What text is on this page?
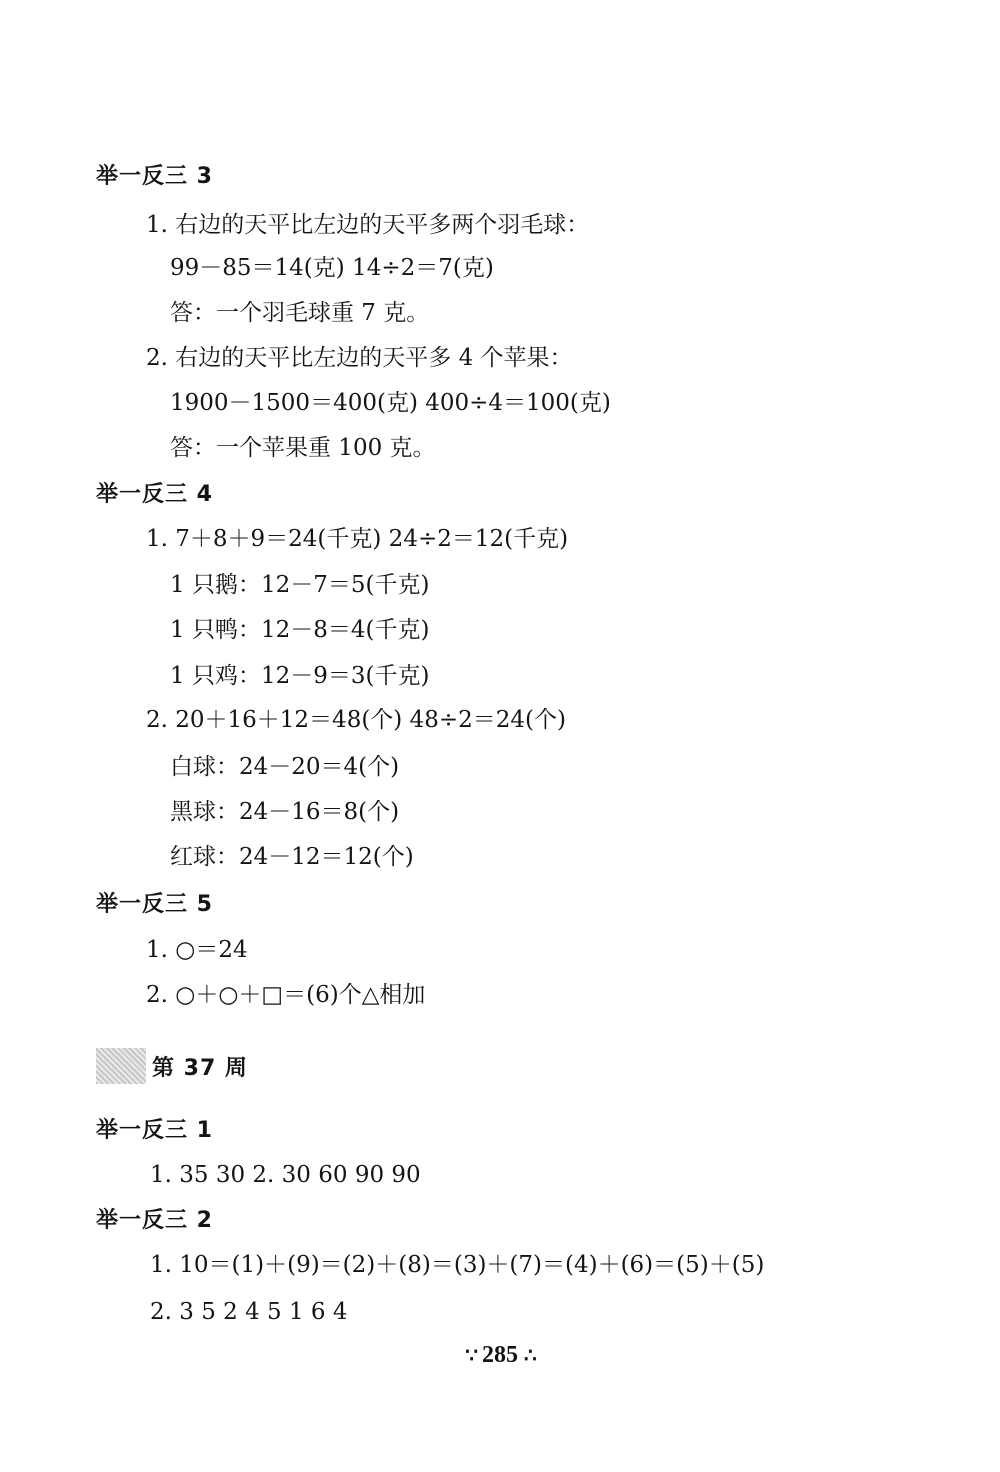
举一反三 3
1. 右边的天平比左边的天平多两个羽毛球：
99－85＝14(克) 14÷2＝7(克)
答：一个羽毛球重 7 克。
2. 右边的天平比左边的天平多 4 个苹果：
1900－1500＝400(克) 400÷4＝100(克)
答：一个苹果重 100 克。
举一反三 4
1. 7＋8＋9＝24(千克) 24÷2＝12(千克)
1 只鹅：12－7＝5(千克)
1 只鸭：12－8＝4(千克)
1 只鸡：12－9＝3(千克)
2. 20＋16＋12＝48(个) 48÷2＝24(个)
白球：24－20＝4(个)
黑球：24－16＝8(个)
红球：24－12＝12(个)
举一反三 5
1. ○＝24
2. ○＋○＋□＝(6)个△相加
第 37 周
举一反三 1
1. 35 30 2. 30 60 90 90
举一反三 2
1. 10＝(1)＋(9)＝(2)＋(8)＝(3)＋(7)＝(4)＋(6)＝(5)＋(5)
2. 3 5 2 4 5 1 6 4
∵ 285 ∴
